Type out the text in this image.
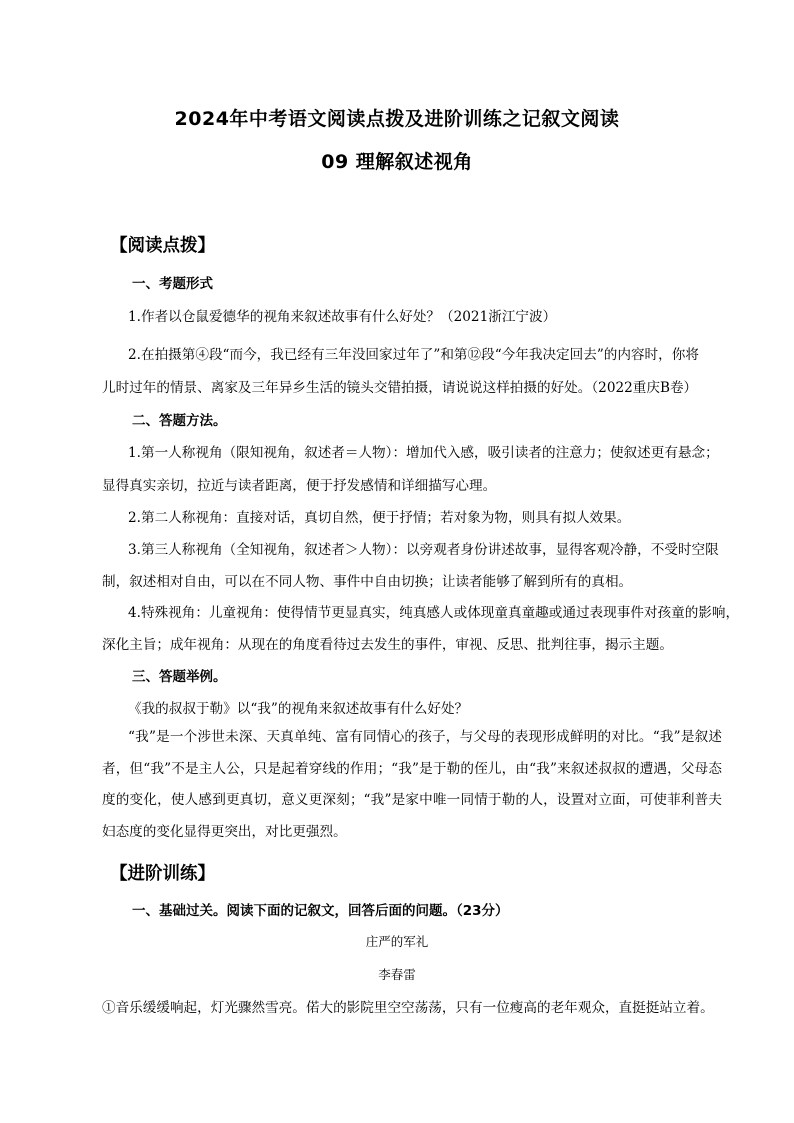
2024年中考语文阅读点拨及进阶训练之记叙文阅读
09 理解叙述视角
【阅读点拨】
一、考题形式
1.作者以仓鼠爱德华的视角来叙述故事有什么好处？（2021浙江宁波）
2.在拍摄第④段“而今，我已经有三年没回家过年了”和第⑫段“今年我决定回去”的内容时，你将
儿时过年的情景、离家及三年异乡生活的镜头交错拍摄，请说说这样拍摄的好处。（2022重庆B卷）
二、答题方法。
1.第一人称视角（限知视角，叙述者＝人物）：增加代入感，吸引读者的注意力；使叙述更有悬念；
显得真实亲切，拉近与读者距离，便于抒发感情和详细描写心理。
2.第二人称视角：直接对话，真切自然，便于抒情；若对象为物，则具有拟人效果。
3.第三人称视角（全知视角，叙述者＞人物）：以旁观者身份讲述故事，显得客观冷静，不受时空限
制，叙述相对自由，可以在不同人物、事件中自由切换；让读者能够了解到所有的真相。
4.特殊视角：儿童视角：使得情节更显真实，纯真感人或体现童真童趣或通过表现事件对孩童的影响，
深化主旨；成年视角：从现在的角度看待过去发生的事件，审视、反思、批判往事，揭示主题。
三、答题举例。
《我的叔叔于勒》以“我”的视角来叙述故事有什么好处？
“我”是一个涉世未深、天真单纯、富有同情心的孩子，与父母的表现形成鲜明的对比。“我”是叙述者，但“我”不是主人公，只是起着穿线的作用；“我”是于勒的侄儿，由“我”来叙述叔叔的遭遇，父母态度的变化，使人感到更真切，意义更深刻；“我”是家中唯一同情于勒的人，设置对立面，可使菲利普夫妇态度的变化显得更突出，对比更强烈。
【进阶训练】
一、基础过关。阅读下面的记叙文，回答后面的问题。（23分）
庄严的军礼
李春雷
①音乐缓缓响起，灯光骤然雪亮。偌大的影院里空空荡荡，只有一位瘦高的老年观众，直挺挺站立着。
